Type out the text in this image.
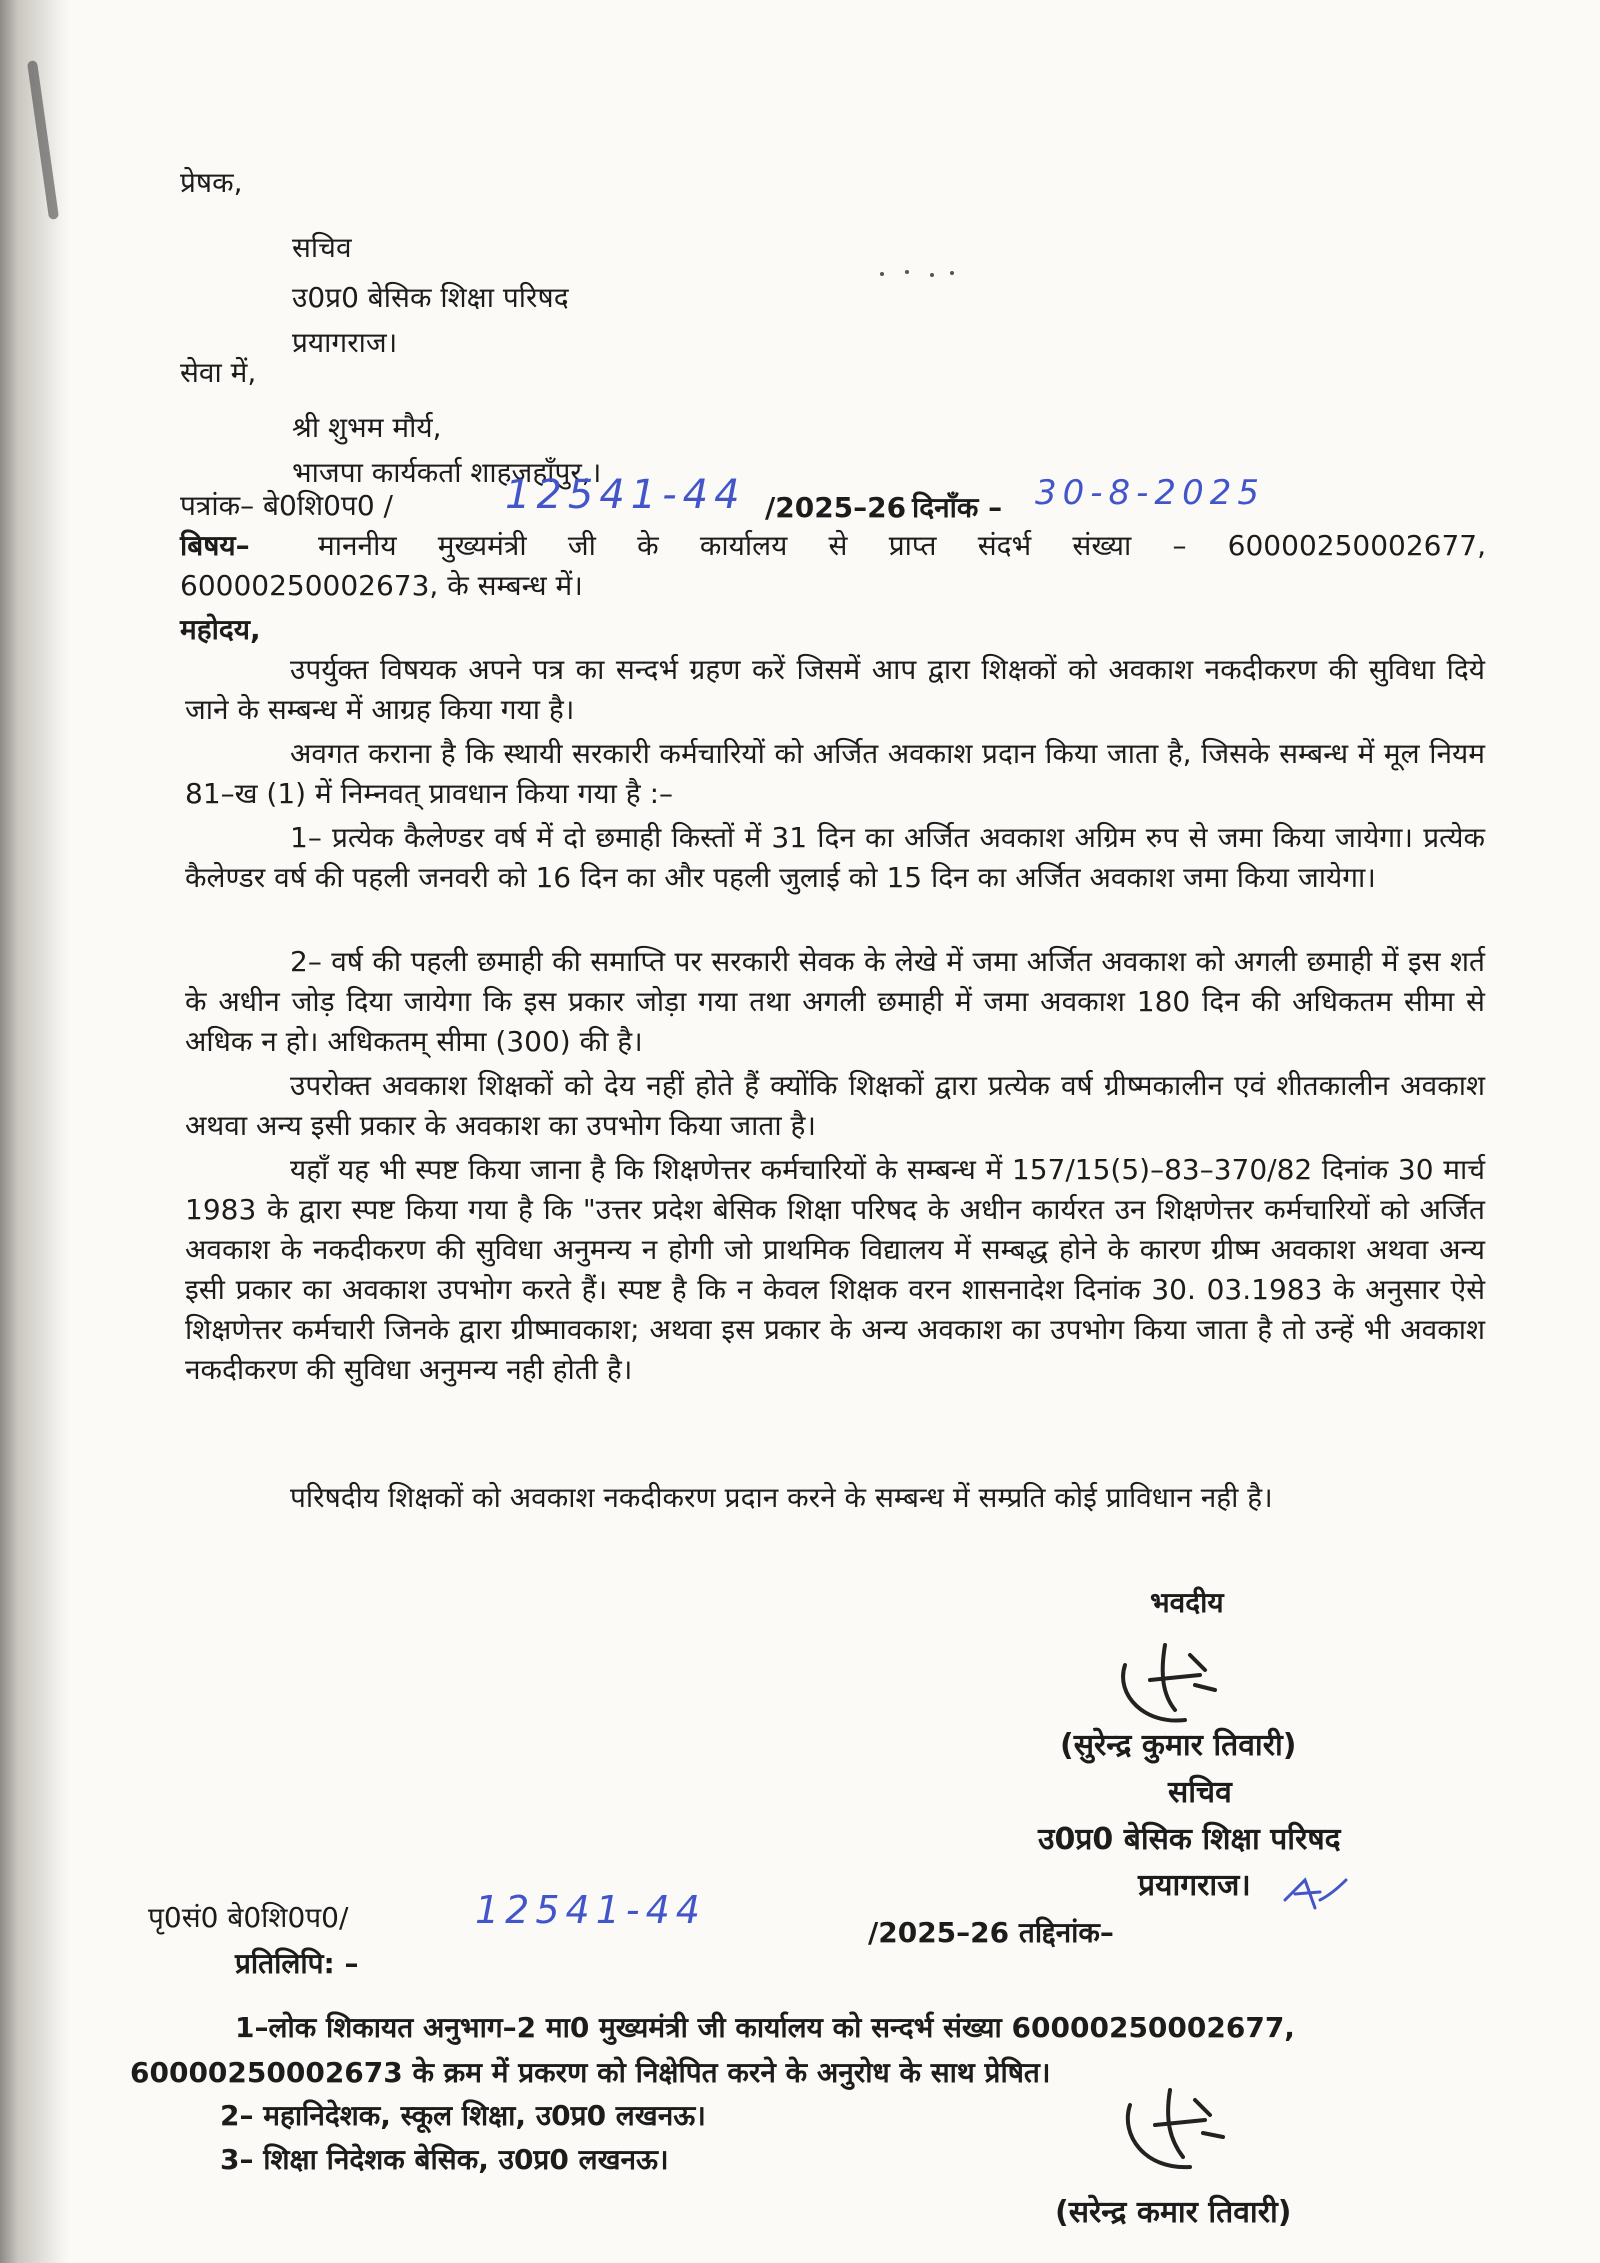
प्रेषक,
सचिव
उ0प्र0 बेसिक शिक्षा परिषद
प्रयागराज।
सेवा में,
श्री शुभम मौर्य,
भाजपा कार्यकर्ता शाहजहाँपुर,।
पत्रांक– बे0शि0प0 /	12541-44 /2025–26 दिनाँक – 30-8-2025
बिषय– माननीय मुख्यमंत्री जी के कार्यालय से प्राप्त संदर्भ संख्या – 60000250002677,
60000250002673, के सम्बन्ध में।
महोदय,
उपर्युक्त विषयक अपने पत्र का सन्दर्भ ग्रहण करें जिसमें आप द्वारा शिक्षकों को अवकाश नकदीकरण की सुविधा दिये जाने के सम्बन्ध में आग्रह किया गया है।
अवगत कराना है कि स्थायी सरकारी कर्मचारियों को अर्जित अवकाश प्रदान किया जाता है, जिसके सम्बन्ध में मूल नियम 81–ख (1) में निम्नवत् प्रावधान किया गया है :–
1– प्रत्येक कैलेण्डर वर्ष में दो छमाही किस्तों में 31 दिन का अर्जित अवकाश अग्रिम रुप से जमा किया जायेगा। प्रत्येक कैलेण्डर वर्ष की पहली जनवरी को 16 दिन का और पहली जुलाई को 15 दिन का अर्जित अवकाश जमा किया जायेगा।
2– वर्ष की पहली छमाही की समाप्ति पर सरकारी सेवक के लेखे में जमा अर्जित अवकाश को अगली छमाही में इस शर्त के अधीन जोड़ दिया जायेगा कि इस प्रकार जोड़ा गया तथा अगली छमाही में जमा अवकाश 180 दिन की अधिकतम सीमा से अधिक न हो। अधिकतम् सीमा (300) की है।
उपरोक्त अवकाश शिक्षकों को देय नहीं होते हैं क्योंकि शिक्षकों द्वारा प्रत्येक वर्ष ग्रीष्मकालीन एवं शीतकालीन अवकाश अथवा अन्य इसी प्रकार के अवकाश का उपभोग किया जाता है।
यहाँ यह भी स्पष्ट किया जाना है कि शिक्षणेत्तर कर्मचारियों के सम्बन्ध में 157/15(5)–83–370/82 दिनांक 30 मार्च 1983 के द्वारा स्पष्ट किया गया है कि "उत्तर प्रदेश बेसिक शिक्षा परिषद के अधीन कार्यरत उन शिक्षणेत्तर कर्मचारियों को अर्जित अवकाश के नकदीकरण की सुविधा अनुमन्य न होगी जो प्राथमिक विद्यालय में सम्बद्ध होने के कारण ग्रीष्म अवकाश अथवा अन्य इसी प्रकार का अवकाश उपभोग करते हैं। स्पष्ट है कि न केवल शिक्षक वरन शासनादेश दिनांक 30. 03.1983 के अनुसार ऐसे शिक्षणेत्तर कर्मचारी जिनके द्वारा ग्रीष्मावकाश; अथवा इस प्रकार के अन्य अवकाश का उपभोग किया जाता है तो उन्हें भी अवकाश नकदीकरण की सुविधा अनुमन्य नही होती है।
परिषदीय शिक्षकों को अवकाश नकदीकरण प्रदान करने के सम्बन्ध में सम्प्रति कोई प्राविधान नही है।
भवदीय
(सुरेन्द्र कुमार तिवारी)
सचिव
उ0प्र0 बेसिक शिक्षा परिषद
प्रयागराज।
पृ0सं0 बे0शि0प0/	12541-44
/2025–26 तद्दिनांक–
प्रतिलिपि: –
1–लोक शिकायत अनुभाग–2 मा0 मुख्यमंत्री जी कार्यालय को सन्दर्भ संख्या 60000250002677,
60000250002673 के क्रम में प्रकरण को निक्षेपित करने के अनुरोध के साथ प्रेषित।
2– महानिदेशक, स्कूल शिक्षा, उ0प्र0 लखनऊ।
3– शिक्षा निदेशक बेसिक, उ0प्र0 लखनऊ।
(सरेन्द्र कमार तिवारी)
